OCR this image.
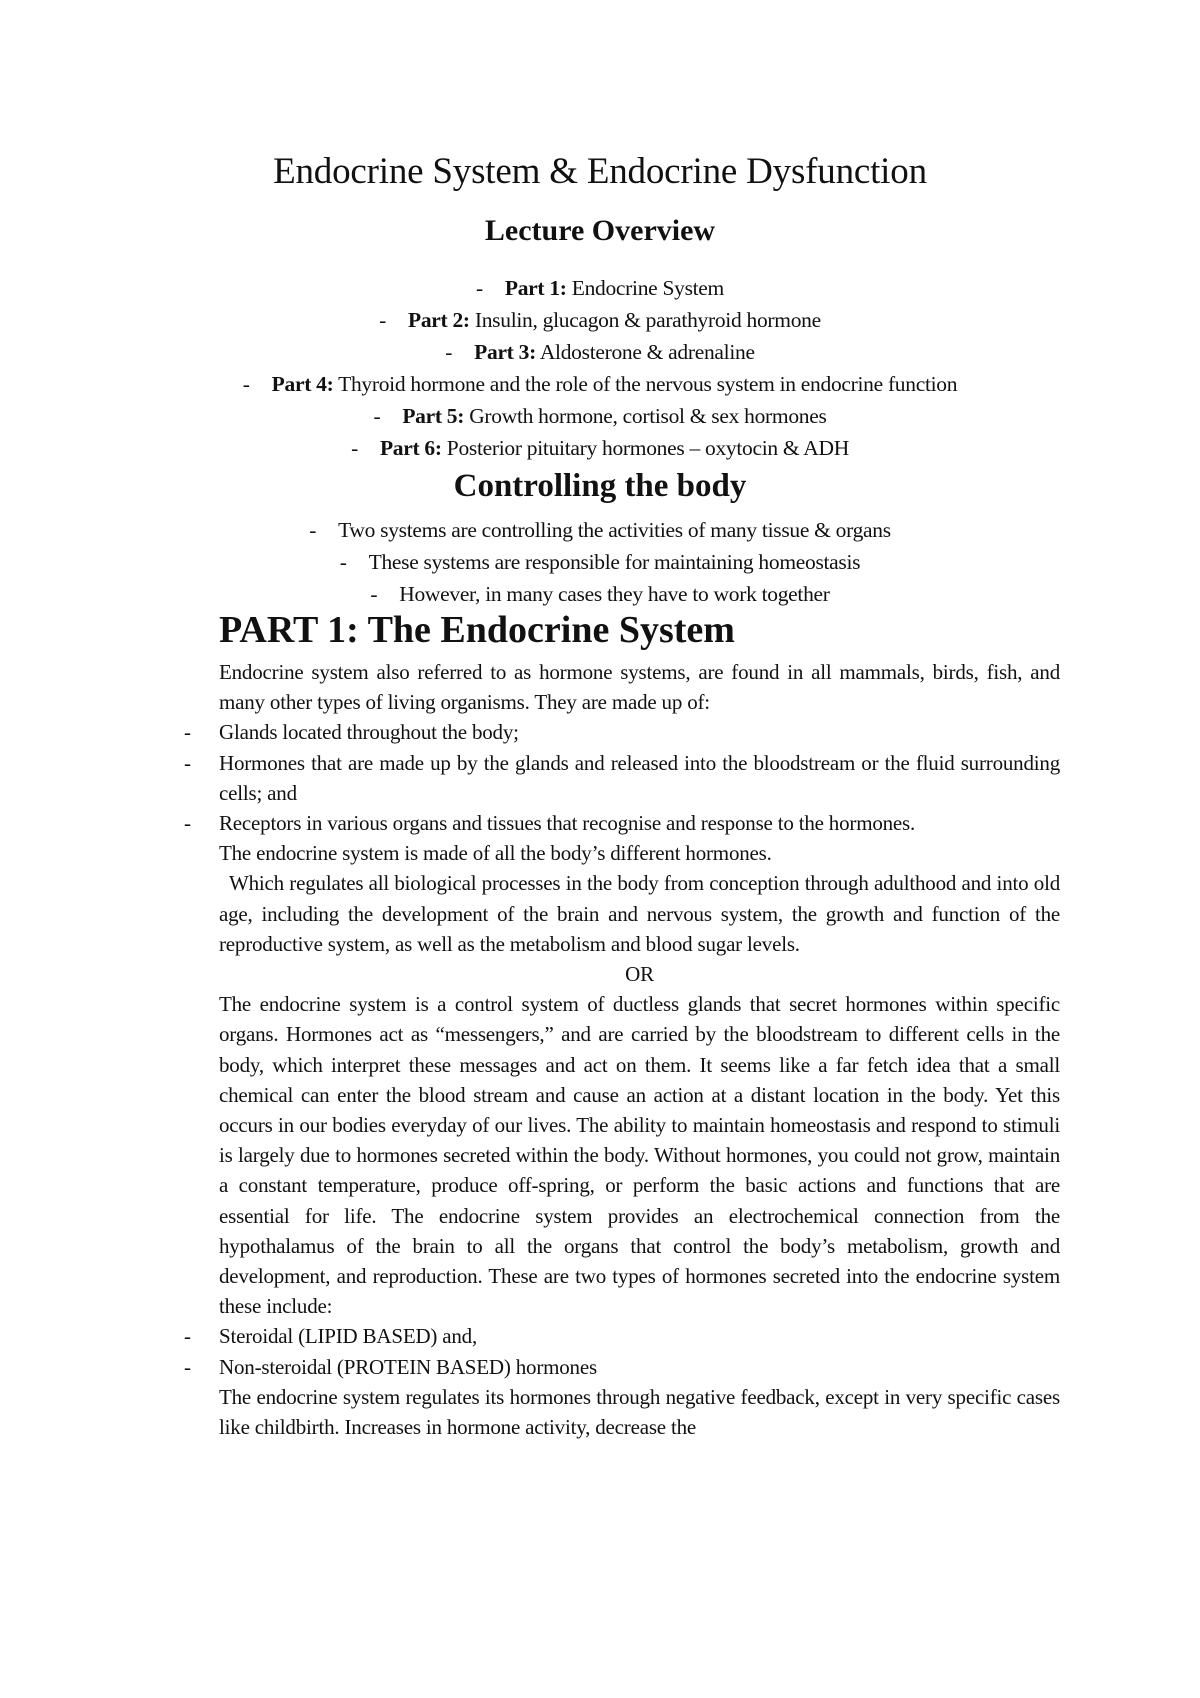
Endocrine System & Endocrine Dysfunction
Lecture Overview
- Part 1: Endocrine System
- Part 2: Insulin, glucagon & parathyroid hormone
- Part 3: Aldosterone & adrenaline
- Part 4: Thyroid hormone and the role of the nervous system in endocrine function
- Part 5: Growth hormone, cortisol & sex hormones
- Part 6: Posterior pituitary hormones – oxytocin & ADH
Controlling the body
- Two systems are controlling the activities of many tissue & organs
- These systems are responsible for maintaining homeostasis
- However, in many cases they have to work together
PART 1: The Endocrine System

Endocrine system also referred to as hormone systems, are found in all mammals, birds, fish, and many other types of living organisms. They are made up of:

- Glands located throughout the body;
- Hormones that are made up by the glands and released into the bloodstream or the fluid surrounding cells; and
- Receptors in various organs and tissues that recognise and response to the hormones.

The endocrine system is made of all the body’s different hormones.

Which regulates all biological processes in the body from conception through adulthood and into old age, including the development of the brain and nervous system, the growth and function of the reproductive system, as well as the metabolism and blood sugar levels.

OR

The endocrine system is a control system of ductless glands that secret hormones within specific organs. Hormones act as “messengers,” and are carried by the bloodstream to different cells in the body, which interpret these messages and act on them. It seems like a far fetch idea that a small chemical can enter the blood stream and cause an action at a distant location in the body. Yet this occurs in our bodies everyday of our lives. The ability to maintain homeostasis and respond to stimuli is largely due to hormones secreted within the body. Without hormones, you could not grow, maintain a constant temperature, produce off-spring, or perform the basic actions and functions that are essential for life. The endocrine system provides an electrochemical connection from the hypothalamus of the brain to all the organs that control the body’s metabolism, growth and development, and reproduction. These are two types of hormones secreted into the endocrine system these include:

- Steroidal (LIPID BASED) and,
- Non-steroidal (PROTEIN BASED) hormones

The endocrine system regulates its hormones through negative feedback, except in very specific cases like childbirth. Increases in hormone activity, decrease the
